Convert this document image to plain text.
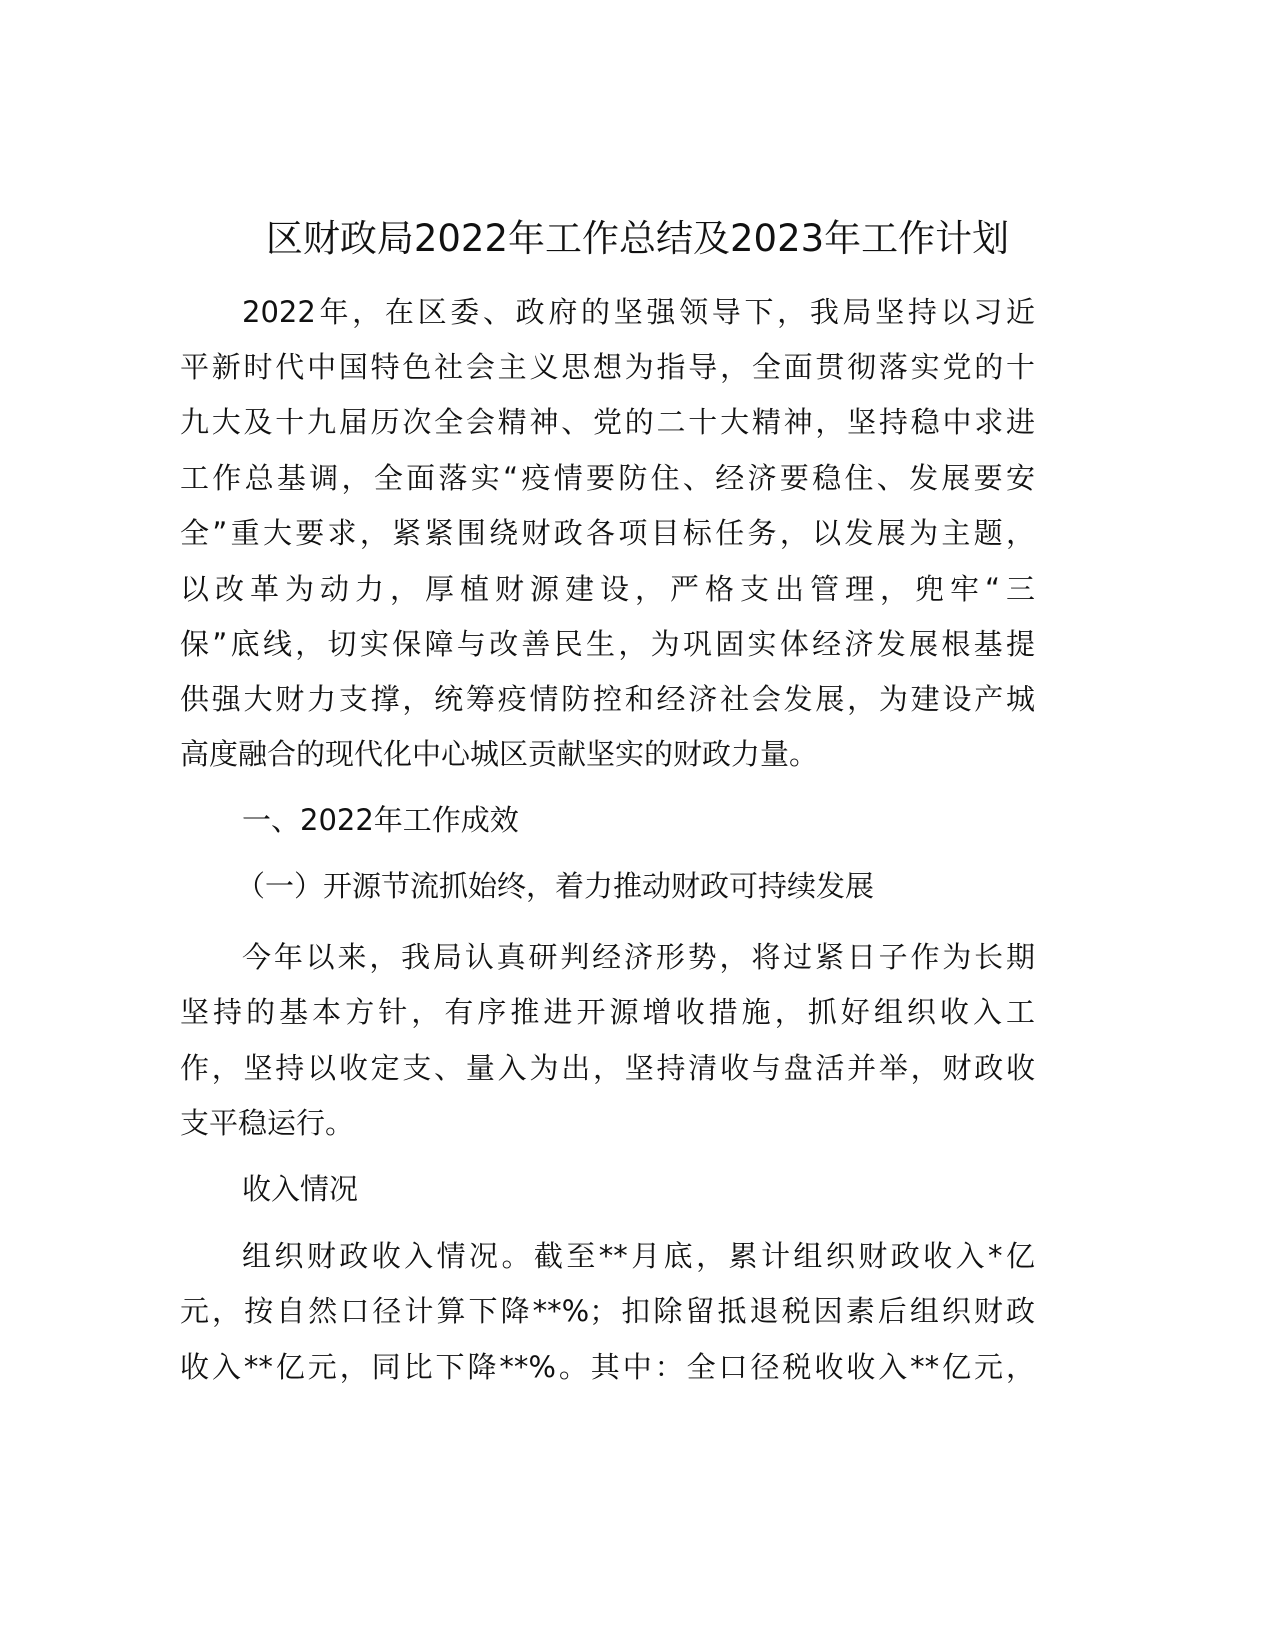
区财政局2022年工作总结及2023年工作计划
2022年，在区委、政府的坚强领导下，我局坚持以习近
平新时代中国特色社会主义思想为指导，全面贯彻落实党的十
九大及十九届历次全会精神、党的二十大精神，坚持稳中求进
工作总基调，全面落实“疫情要防住、经济要稳住、发展要安
全”重大要求，紧紧围绕财政各项目标任务，以发展为主题，
以改革为动力，厚植财源建设，严格支出管理，兜牢“三
保”底线，切实保障与改善民生，为巩固实体经济发展根基提
供强大财力支撑，统筹疫情防控和经济社会发展，为建设产城
高度融合的现代化中心城区贡献坚实的财政力量。
一、2022年工作成效
（一）开源节流抓始终，着力推动财政可持续发展
今年以来，我局认真研判经济形势，将过紧日子作为长期
坚持的基本方针，有序推进开源增收措施，抓好组织收入工
作，坚持以收定支、量入为出，坚持清收与盘活并举，财政收
支平稳运行。
收入情况
组织财政收入情况。截至**月底，累计组织财政收入*亿
元，按自然口径计算下降**%；扣除留抵退税因素后组织财政
收入**亿元，同比下降**%。其中：全口径税收收入**亿元，
